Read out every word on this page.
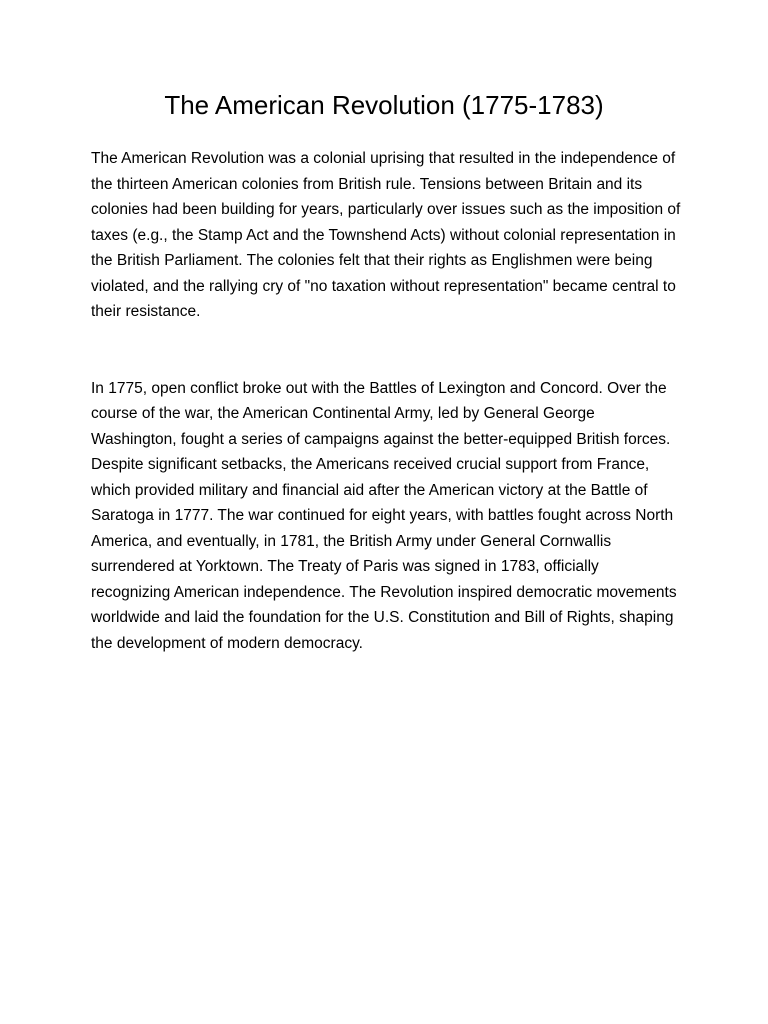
The American Revolution (1775-1783)

The American Revolution was a colonial uprising that resulted in the independence of the thirteen American colonies from British rule. Tensions between Britain and its colonies had been building for years, particularly over issues such as the imposition of taxes (e.g., the Stamp Act and the Townshend Acts) without colonial representation in the British Parliament. The colonies felt that their rights as Englishmen were being violated, and the rallying cry of "no taxation without representation" became central to their resistance.

In 1775, open conflict broke out with the Battles of Lexington and Concord. Over the course of the war, the American Continental Army, led by General George Washington, fought a series of campaigns against the better-equipped British forces. Despite significant setbacks, the Americans received crucial support from France, which provided military and financial aid after the American victory at the Battle of Saratoga in 1777. The war continued for eight years, with battles fought across North America, and eventually, in 1781, the British Army under General Cornwallis surrendered at Yorktown. The Treaty of Paris was signed in 1783, officially recognizing American independence. The Revolution inspired democratic movements worldwide and laid the foundation for the U.S. Constitution and Bill of Rights, shaping the development of modern democracy.
